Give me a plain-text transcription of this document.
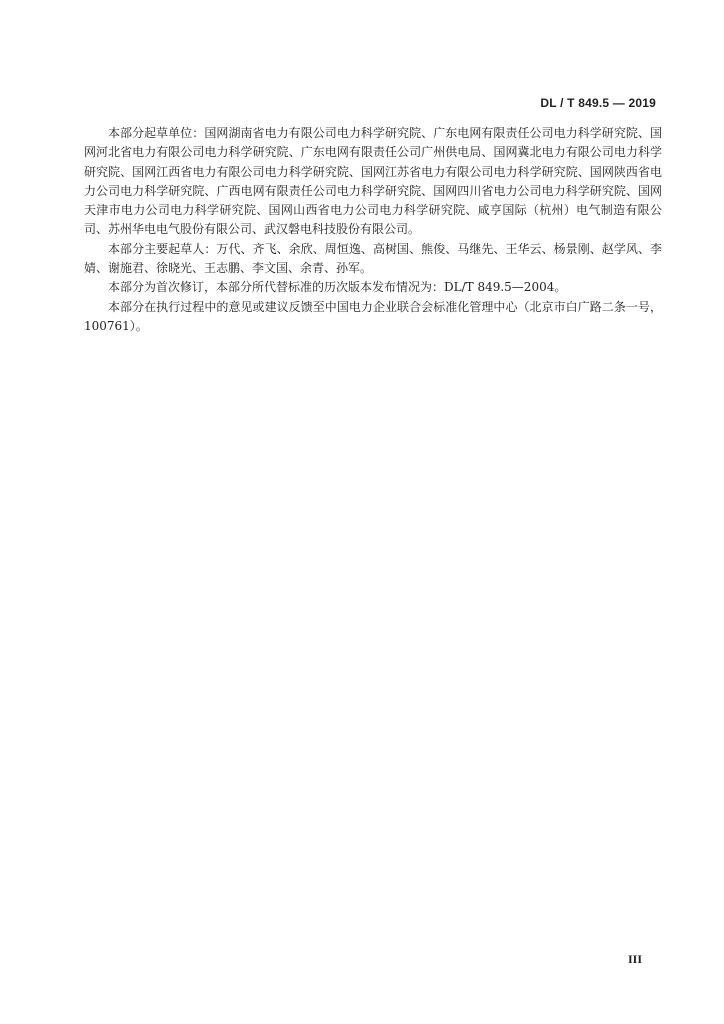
DL / T 849.5 — 2019

本部分起草单位：国网湖南省电力有限公司电力科学研究院、广东电网有限责任公司电力科学研究院、国网河北省电力有限公司电力科学研究院、广东电网有限责任公司广州供电局、国网冀北电力有限公司电力科学研究院、国网江西省电力有限公司电力科学研究院、国网江苏省电力有限公司电力科学研究院、国网陕西省电力公司电力科学研究院、广西电网有限责任公司电力科学研究院、国网四川省电力公司电力科学研究院、国网天津市电力公司电力科学研究院、国网山西省电力公司电力科学研究院、咸亨国际（杭州）电气制造有限公司、苏州华电电气股份有限公司、武汉磐电科技股份有限公司。

本部分主要起草人：万代、齐飞、余欣、周恒逸、高树国、熊俊、马继先、王华云、杨景刚、赵学风、李婧、谢施君、徐晓光、王志鹏、李文国、余青、孙军。

本部分为首次修订，本部分所代替标准的历次版本发布情况为：DL/T 849.5—2004。

本部分在执行过程中的意见或建议反馈至中国电力企业联合会标准化管理中心（北京市白广路二条一号，100761）。

III
